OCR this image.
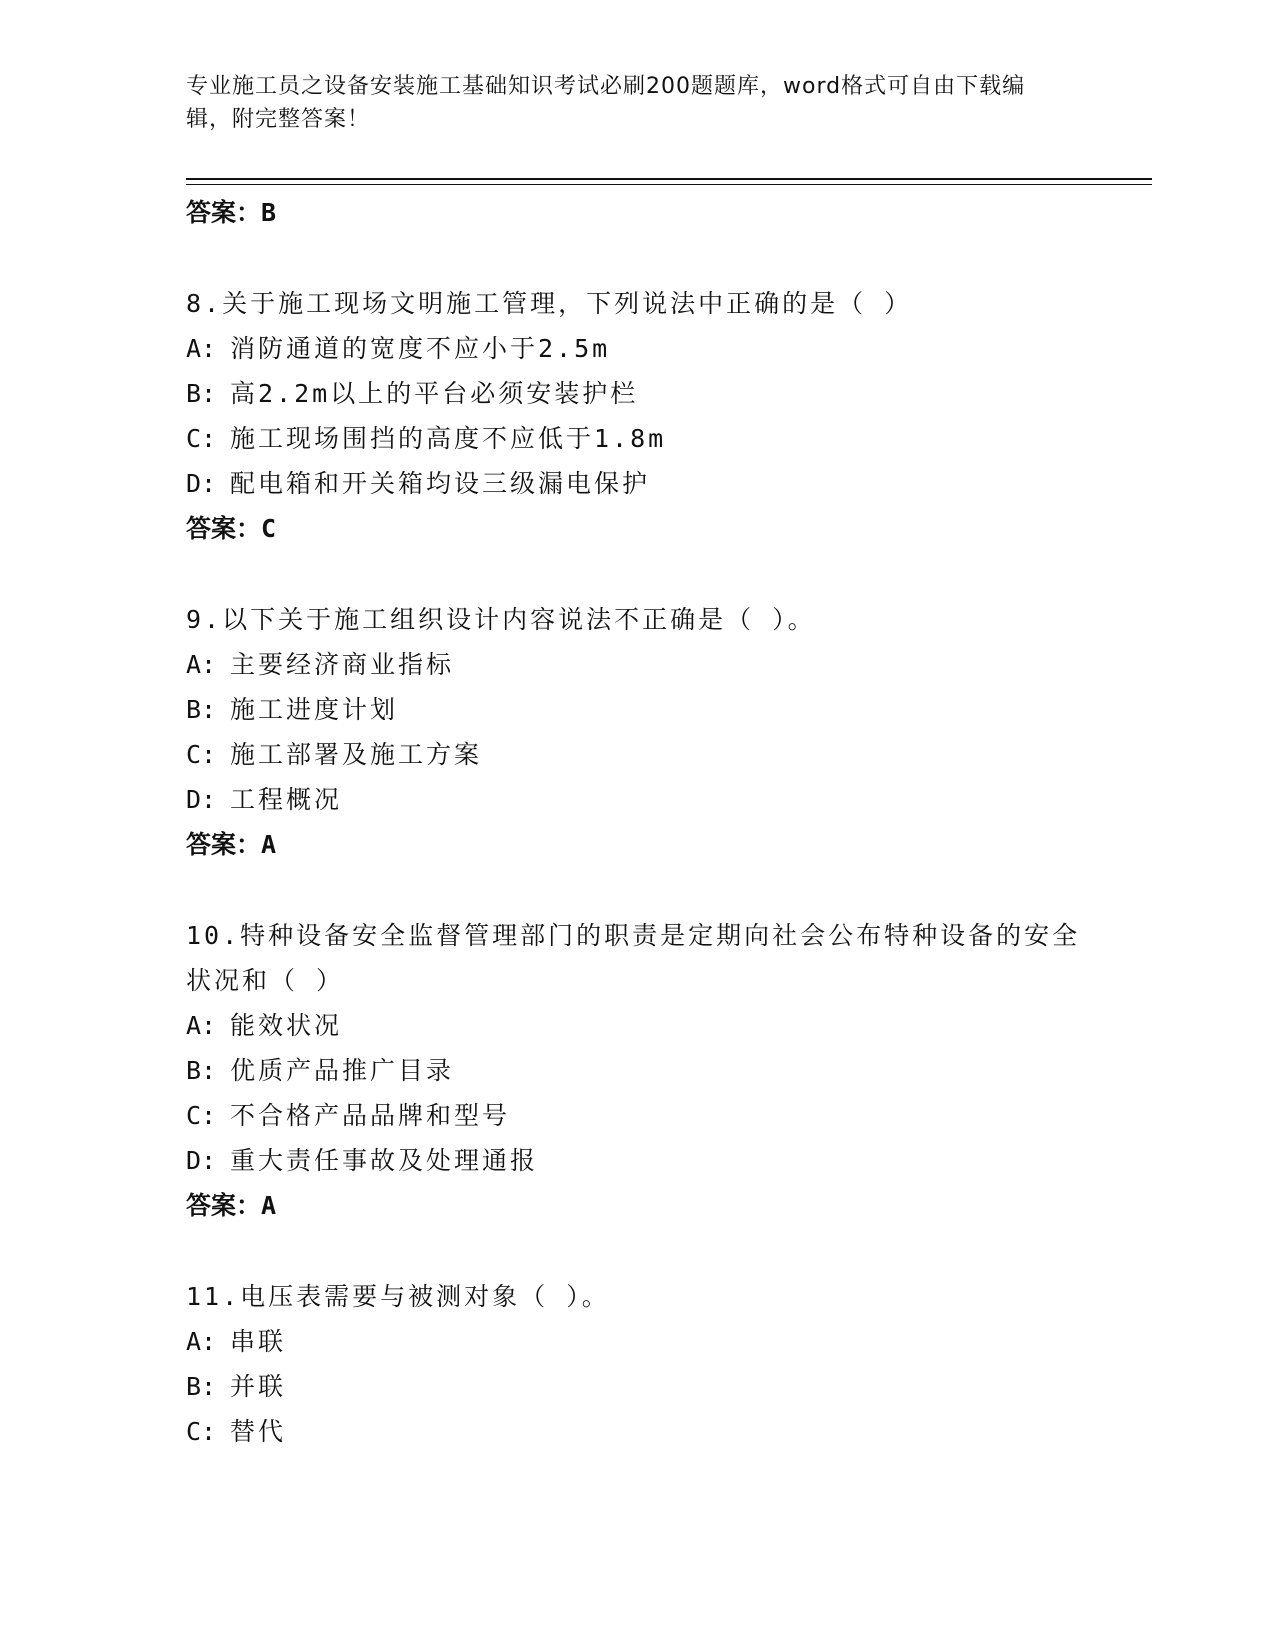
专业施工员之设备安装施工基础知识考试必刷200题题库，word格式可自由下载编辑，附完整答案！
答案：B
8.关于施工现场文明施工管理，下列说法中正确的是（ ）
A: 消防通道的宽度不应小于2.5m
B: 高2.2m以上的平台必须安装护栏
C: 施工现场围挡的高度不应低于1.8m
D: 配电箱和开关箱均设三级漏电保护
答案：C
9.以下关于施工组织设计内容说法不正确是（ ）。
A: 主要经济商业指标
B: 施工进度计划
C: 施工部署及施工方案
D: 工程概况
答案：A
10.特种设备安全监督管理部门的职责是定期向社会公布特种设备的安全状况和（ ）
A: 能效状况
B: 优质产品推广目录
C: 不合格产品品牌和型号
D: 重大责任事故及处理通报
答案：A
11.电压表需要与被测对象（ ）。
A: 串联
B: 并联
C: 替代
